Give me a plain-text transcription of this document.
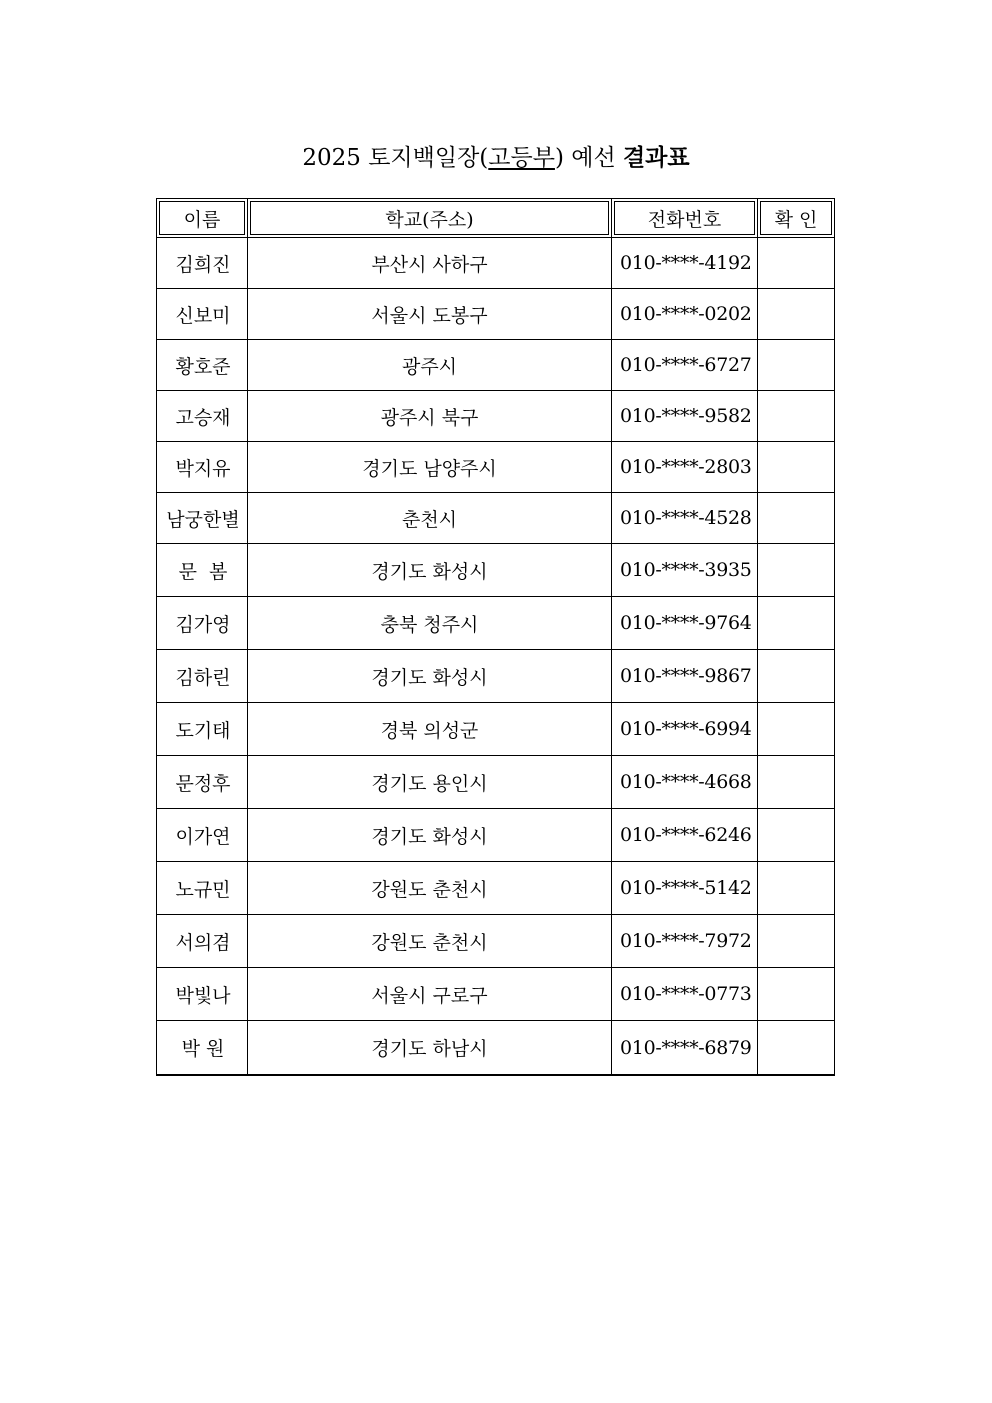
2025 토지백일장(고등부) 예선 결과표
이름	학교(주소)	전화번호	확 인
김희진	부산시 사하구	010-****-4192	
신보미	서울시 도봉구	010-****-0202	
황호준	광주시	010-****-6727	
고승재	광주시 북구	010-****-9582	
박지유	경기도 남양주시	010-****-2803	
남궁한별	춘천시	010-****-4528	
문  봄	경기도 화성시	010-****-3935	
김가영	충북 청주시	010-****-9764	
김하린	경기도 화성시	010-****-9867	
도기태	경북 의성군	010-****-6994	
문정후	경기도 용인시	010-****-4668	
이가연	경기도 화성시	010-****-6246	
노규민	강원도 춘천시	010-****-5142	
서의겸	강원도 춘천시	010-****-7972	
박빛나	서울시 구로구	010-****-0773	
박 원	경기도 하남시	010-****-6879	
